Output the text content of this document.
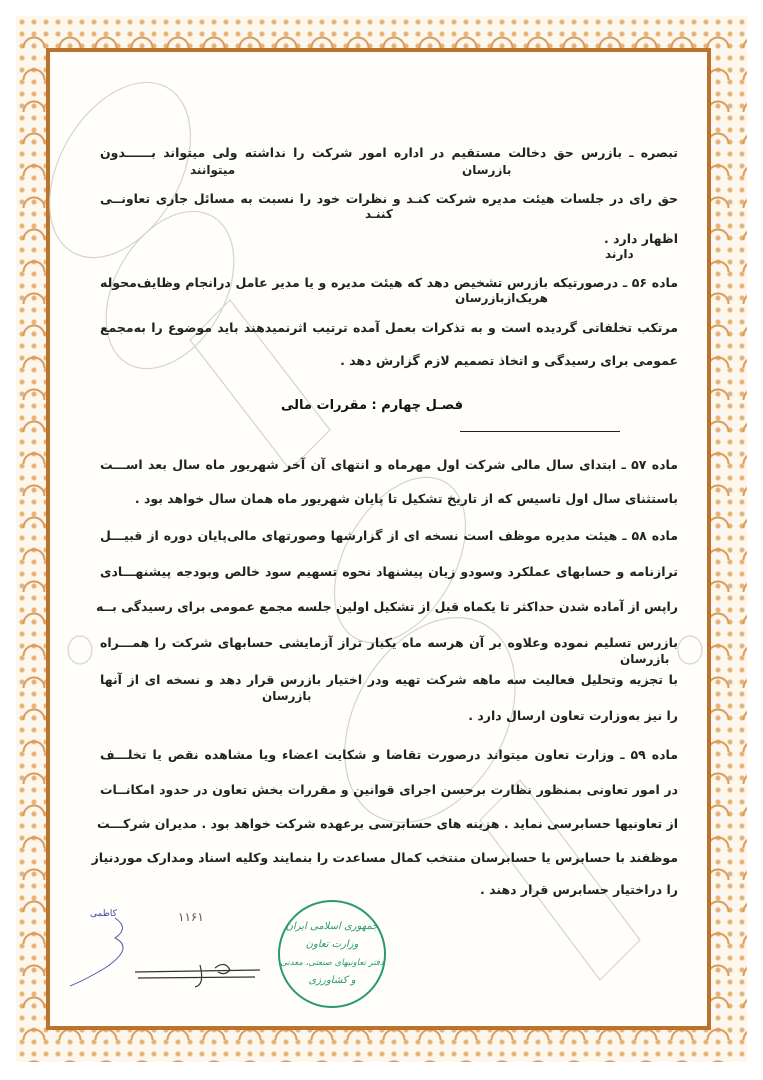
تبصره ـ بازرس حق دخالت مستقیم در اداره امور شرکت را نداشته ولی میتواند بــــــدون
بازرسان
میتوانند
حق رای در جلسات هیئت مدیره شرکت کنـد و نظرات خود را نسبت به مسائل جاری تعاونــی
کننـد
اظهار دارد .
دارند
ماده ۵۶ ـ درصورتیکه بازرس تشخیص دهد که هیئت مدیره و یا مدیر عامل درانجام وظایف‌محوله
هریک‌ازبازرسان
مرتکب تخلفاتی گردیده است و به تذکرات بعمل آمده ترتیب اثرنمیدهند باید موضوع را به‌مجمع
عمومی برای رسیدگی و اتخاذ تصمیم لازم گزارش دهد .
فصـل چهارم : مقررات مالی
ماده ۵۷ ـ ابتدای سال مالی شرکت اول مهرماه و انتهای آن آخر شهریور ماه سال بعد اســـت
باستثنای سال اول تاسیس که از تاریخ تشکیل تا پایان شهریور ماه همان سال خواهد بود .
ماده ۵۸ ـ هیئت مدیره موظف است نسخه ای از گزارشها وصورتهای مالی‌پایان دوره از قبیـــل
ترازنامه و حسابهای عملکرد وسودو زیان پیشنهاد نحوه تسهیم سود خالص وبودجه پیشنهـــادی
راپس از آماده شدن حداکثر تا یکماه قبل از تشکیل اولین جلسه مجمع عمومی برای رسیدگی بــه
بازرس تسلیم نموده وعلاوه بر آن هرسه ماه یکبار تراز آزمایشی حسابهای شرکت را همـــراه
بازرسان
با تجزیه وتحلیل فعالیت سه ماهه شرکت تهیه ودر اختیار بازرس قرار دهد و نسخه ای از آنها
بازرسان
را نیز به‌وزارت تعاون ارسال دارد .
ماده ۵۹ ـ وزارت تعاون میتواند درصورت تقاضا و شکایت اعضاء ویا مشاهده نقص یا تخلـــف
در امور تعاونی بمنظور نظارت برحسن اجرای قوانین و مقررات بخش تعاون در حدود امکانــات
از تعاونیها حسابرسی نماید . هزینه های حسابرسی برعهده شرکت خواهد بود . مدیران شرکـــت
موظفند با حسابرس یا حسابرسان منتخب کمال مساعدت را بنمایند وکلیه اسناد ومدارک موردنیاز
را دراختیار حسابرس قرار دهند .
۱۱۶۱
کاظمی
جمهوری اسلامی ایران
وزارت تعاون
دفتر تعاونیهای صنعتی، معدنی
و کشاورزی
